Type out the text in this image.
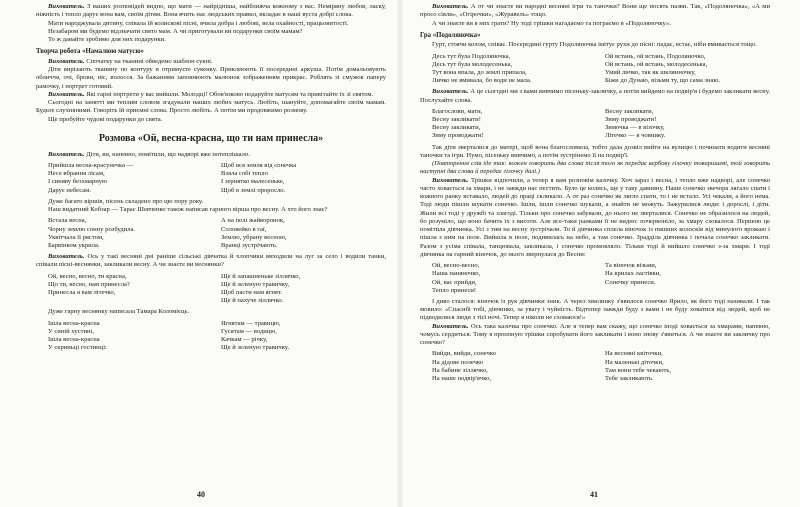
Вихователь. З ваших розповідей видно, що мати — найрідніша, найближча кожному з вас. Неміряну любов, ласку, ніжність і тепло дарує вона вам, своїм дітям. Вона вчить нас людських правил, вкладає в наші вуста добрі слова.

Мати народжувала дитину, співала їй колискові пісні, вчила добра і любові, вела охайності, працьовитості.

Незабаром ми будемо відзначати свято мам. А чи приготували ви подарунки своїм мамам?

То ж давайте зробимо для них подарунки.

Творча робота «Намалюю матусю»

Вихователь. Спочатку на тканині обведемо шаблон сукні.

Діти вирізають тканину по контуру в отримуєте сукенку. Приклеюють її посередині аркуша. Потім домальовують обличчя, очі, брови, ніс, волосся. За бажанням заповнюють малюнок зображенням прикрас. Роблять зі смужок паперу рамочку, і портрет готовий.

Вихователь. Які гарні портрети у вас вийшли. Молодці! Обов'язково подаруйте матусям та привітайте їх зі святом.

Сьогодні на занятті ми теплим словом згадували наших любих матусь. Любіть, шануйте, допомагайте своїм мамам. Будьте слухняними. Говоріть їй приємні слова. Просто любіть. А потім ми продовжимо розмову.

Ще пробуйте чудові подарунки до свята.

Розмова «Ой, весна-красна, що ти нам принесла»

Вихователь. Діти, ви, напевно, помітили, що надворі вже потеплішало.

Прийшла весна-красунечка —
Несе вбрання лісам,
І синяву безхмарную
Дарує небесам.
Щоб вся земля від сонечка
Взяла собі тепло
І зернятко малесеньке,
Щоб в землі проросло.

Дуже багато віршів, пісень складено про цю пору року.

Наш видатний Кобзар — Тарас Шевченко також написав гарного вірша про весну. А хто його знає?

Встала весна,
Чорну землю сонну розбудила.
Уквітчала її рястом,
Барвінком укрила.
А на полі жайворонок,
Соловейко в гаї,
Землю, убрану весною,
Вранці зустрічають.

Вихователь. Ось у такі весняні дні раніше сільські дівчатка й хлопчики виходили на луг за село і водили танки, співали пісні-веснянки, закликали весну. А чи знаєте ви веснянки?

Ой, весно, весно, ти красна,
Що ти, весно, нам принесла?
Принесла я вам літечко,
Ще й запашненьке зіллячко,
Ще й зеленую травичку,
Щоб пасти нам ягнят.
Ще й пахуче зіллячко.

Дуже гарну веснянку написала Тамара Коломієць.

Ішла весна-красна
У синій хустині,
Ішла весна-красна
У скриньці гостинці:
Ягнятам — травицю,
Гусятам — водицю,
Качкам — річку,
Ще й зеленую травичку.
40

Вихователь. А от чи знаєте ви народні весняні ігри та таночки? Вони ще носять назви. Так, «Подоляночка», «А ми просо сіяли», «Огірочки», «Журавель» тощо.

А чи знаєте ви в них грати? Ну тоді трішки нагадаємо та пограємо в «Подоляночку».

Гра «Подоляночка»

Гурт, стоячи колом, співає. Посередині гурту Подоляночка імітує рухи до пісні: падає, встає, ніби вмивається тощо.

Десь тут була Подоляночка,
Десь тут була молодесенька,
Тут вона впала, до землі припала,
Личко не вмивала, бо води не мала.
Ой встань, ой встань, Подоляночко,
Ой встань, ой встань, молодесенька,
Умий личко, так як шклянночку,
Біжи до Дунаю, візьми ту, що сама знаю.

Вихователь. А це сьогодні ми з вами вивчимо пісеньку-закличку, а потім вийдемо на подвір'я і будемо закликати весну. Послухайте слова.

Благослови, мати,
Весну закликати!
Весну закликати,
Зиму проводжати!
Весну закликати,
Зиму проводжати!
Зимочка — в візочку,
Літечко — в човнику.

Так діти зверталися до матері, щоб вона благословила, тобто дала дозвіл вийти на вулицю і починати водити весняні таночки та ігри. Нумо, пісеньку вивчимо, а потім зустрінемо її на подвір'ї.

(Повторення слів іде так: кожен говорить два слова після того як передає вербову гілочку товаришеві, той говорить наступні два слова й передає гілочку далі.)

Вихователь. Трішки відпочили, а тепер я вам розповім казочку. Хоч зараз і весна, і тепло вже надворі, але сонечко часто ховається за хмари, і не завжди нас пестить. Було це колись, ще у таку давнину. Наше сонечко звечора лягало спати і кожного ранку вставало, людей до праці скликало. А от раз сонечко як лягло спати, то і не встало. Усі чекали, а його нема. Тоді люди пішли шукати сонечко. Ішли, ішли сонечко шукали, а знайти не можуть. Зажурилися люди: і дорослі, і діти. Жили всі тоді у дружбі та злагоді. Тільки про сонечко забували, до нього не зверталися. Сонечко не образилося на людей, бо розуміло, що воно бачить їх з висоти. Але все-таки ранками її не видно: почервоніло, за хмару сховалося. Першою це помітила дівчинка. Усі з тим на весну зустрічали. То й дівчинка сплела віночок із пишних колосків від минулого врожаю і пішла з ним на поле. Вийшла в поле, подивилась на небо, а там сонечко. Зрадділа дівчинка і почала сонечко закликати. Разом з усіма співала, танцювала, закликала, і сонечко промовляло. Тільки тоді й вийшло сонечко з-за хмари. І тоді дівчинка на гарний віночок, до нього звернулася до Весни:

Ой, весно-весно,
Наша паняночко,
Ой, вас прийди,
Тепло принеси!
Та віночок візьми,
На крилах ластівки,
Сонечку принеси.

І диво сталося: віночок із рук дівчинки зник. А через хвилинку з'явилося сонечко Ярило, як його тоді називали. І так мовило: «Спасибі тобі, дівчинко, за увагу і чуйність. Відтепер завжди буду з вами і не буду ховатися від людей, щоб не підводилися люди з тієї ночі. Тепер я ніколи не сховаюся!»

Вихователь. Ось така казочка про сонечко. Але я тепер вам скажу, що сонечко іноді ховається за хмарами, напевно, чомусь сердиться. Тому я пропоную трішки спробувати його закликати і воно знову з'явиться. А чи знаєте ви закличку про сонечко?

Вийди, вийди, сонечко
На дідове полечко
На бабине зіллячко,
На наше подвір'ячко,
На весняні квіточки,
На маленькі діточки,
Там вони тебе чекають,
Тебе закликають.
41
